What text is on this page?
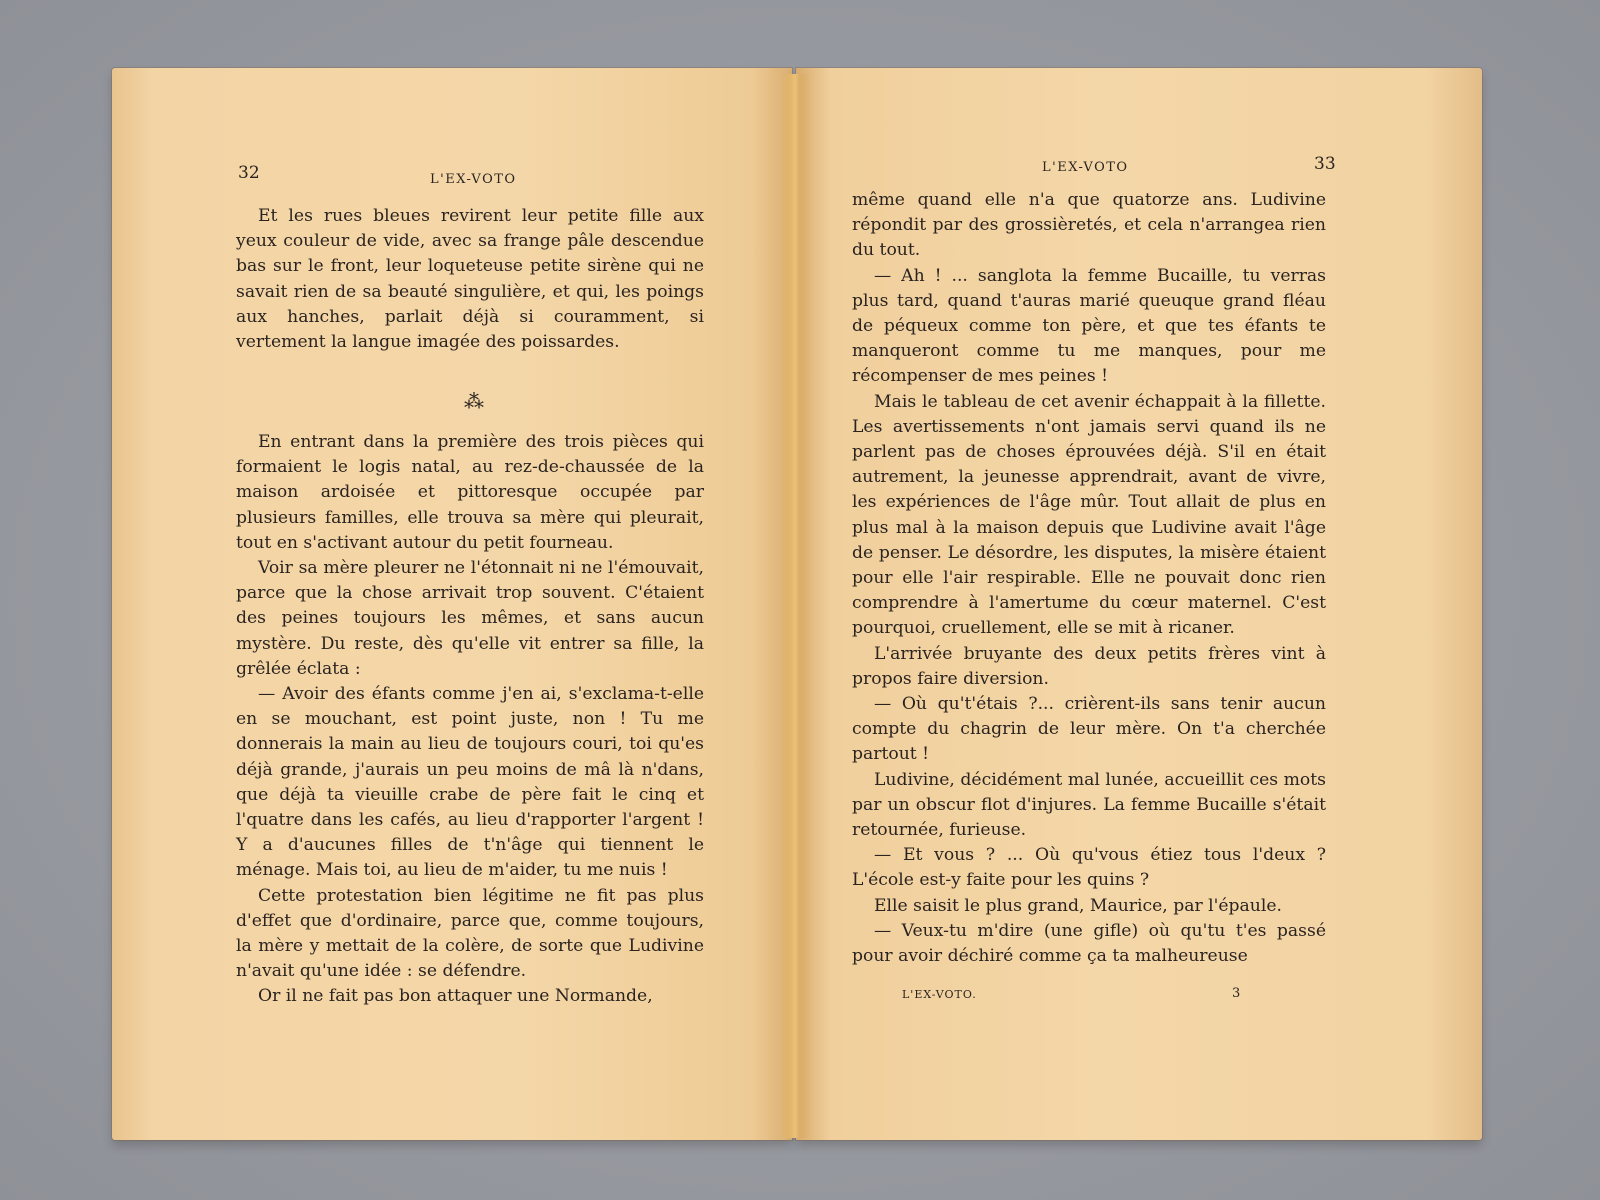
32	L'EX-VOTO

Et les rues bleues revirent leur petite fille aux yeux couleur de vide, avec sa frange pâle descendue bas sur le front, leur loqueteuse petite sirène qui ne savait rien de sa beauté singulière, et qui, les poings aux hanches, parlait déjà si couramment, si vertement la langue imagée des poissardes.

⁂

En entrant dans la première des trois pièces qui formaient le logis natal, au rez-de-chaussée de la maison ardoisée et pittoresque occupée par plusieurs familles, elle trouva sa mère qui pleurait, tout en s'activant autour du petit fourneau.

Voir sa mère pleurer ne l'étonnait ni ne l'émouvait, parce que la chose arrivait trop souvent. C'étaient des peines toujours les mêmes, et sans aucun mystère. Du reste, dès qu'elle vit entrer sa fille, la grêlée éclata :

— Avoir des éfants comme j'en ai, s'exclama-t-elle en se mouchant, est point juste, non ! Tu me donnerais la main au lieu de toujours couri, toi qu'es déjà grande, j'aurais un peu moins de mâ là n'dans, que déjà ta vieuille crabe de père fait le cinq et l'quatre dans les cafés, au lieu d'rapporter l'argent ! Y a d'aucunes filles de t'n'âge qui tiennent le ménage. Mais toi, au lieu de m'aider, tu me nuis !

Cette protestation bien légitime ne fit pas plus d'effet que d'ordinaire, parce que, comme toujours, la mère y mettait de la colère, de sorte que Ludivine n'avait qu'une idée : se défendre.

Or il ne fait pas bon attaquer une Normande,

L'EX-VOTO	33

même quand elle n'a que quatorze ans. Ludivine répondit par des grossièretés, et cela n'arrangea rien du tout.

— Ah ! ... sanglota la femme Bucaille, tu verras plus tard, quand t'auras marié queuque grand fléau de péqueux comme ton père, et que tes éfants te manqueront comme tu me manques, pour me récompenser de mes peines !

Mais le tableau de cet avenir échappait à la fillette. Les avertissements n'ont jamais servi quand ils ne parlent pas de choses éprouvées déjà. S'il en était autrement, la jeunesse apprendrait, avant de vivre, les expériences de l'âge mûr. Tout allait de plus en plus mal à la maison depuis que Ludivine avait l'âge de penser. Le désordre, les disputes, la misère étaient pour elle l'air respirable. Elle ne pouvait donc rien comprendre à l'amertume du cœur maternel. C'est pourquoi, cruellement, elle se mit à ricaner.

L'arrivée bruyante des deux petits frères vint à propos faire diversion.

— Où qu't'étais ?... crièrent-ils sans tenir aucun compte du chagrin de leur mère. On t'a cherchée partout !

Ludivine, décidément mal lunée, accueillit ces mots par un obscur flot d'injures. La femme Bucaille s'était retournée, furieuse.

— Et vous ? ... Où qu'vous étiez tous l'deux ? L'école est-y faite pour les quins ?

Elle saisit le plus grand, Maurice, par l'épaule.

— Veux-tu m'dire (une gifle) où qu'tu t'es passé pour avoir déchiré comme ça ta malheureuse

L'EX-VOTO.	3
